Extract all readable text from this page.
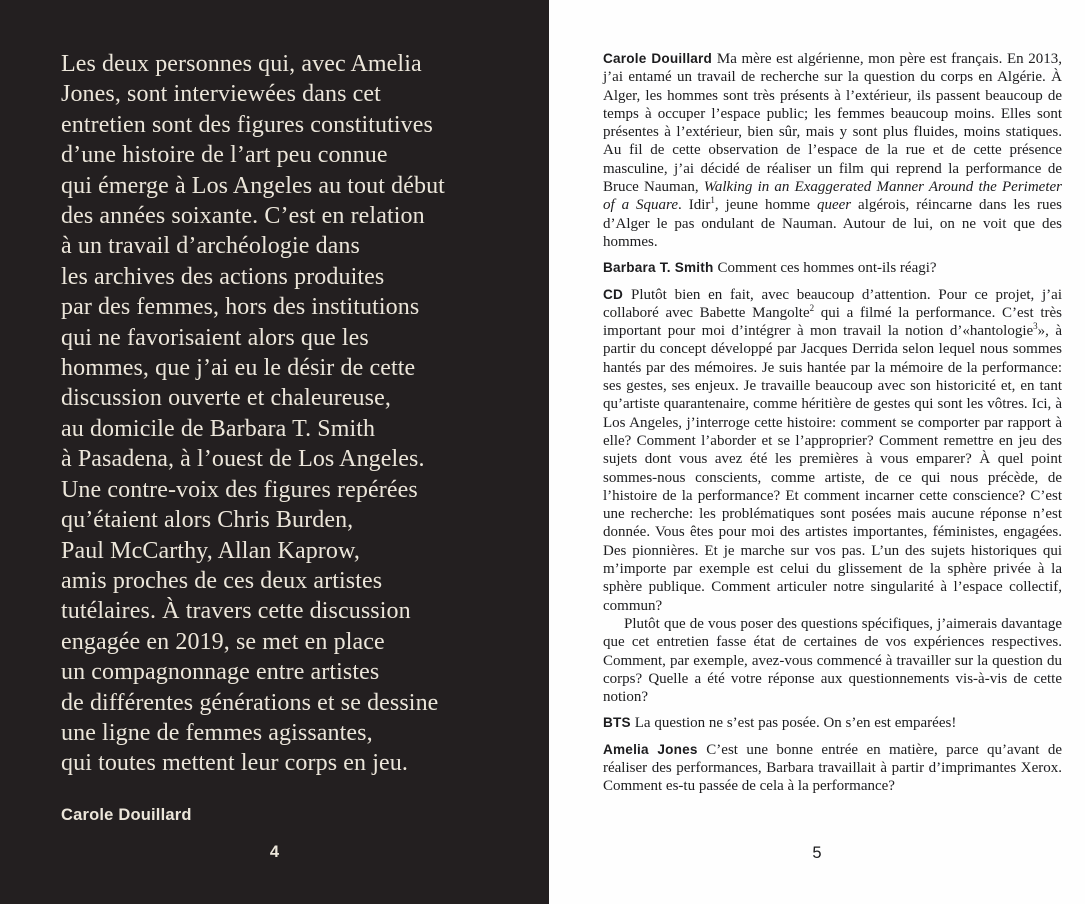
Les deux personnes qui, avec Amelia
Jones, sont interviewées dans cet
entretien sont des figures constitutives
d’une histoire de l’art peu connue
qui émerge à Los Angeles au tout début
des années soixante. C’est en relation
à un travail d’archéologie dans
les archives des actions produites
par des femmes, hors des institutions
qui ne favorisaient alors que les
hommes, que j’ai eu le désir de cette
discussion ouverte et chaleureuse,
au domicile de Barbara T. Smith
à Pasadena, à l’ouest de Los Angeles.
Une contre-voix des figures repérées
qu’étaient alors Chris Burden,
Paul McCarthy, Allan Kaprow,
amis proches de ces deux artistes
tutélaires. À travers cette discussion
engagée en 2019, se met en place
un compagnonnage entre artistes
de différentes générations et se dessine
une ligne de femmes agissantes,
qui toutes mettent leur corps en jeu.
Carole Douillard
4

Carole Douillard Ma mère est algérienne, mon père est français. En 2013, j’ai entamé un travail de recherche sur la question du corps en Algérie. À Alger, les hommes sont très présents à l’extérieur, ils passent beaucoup de temps à occuper l’espace public; les femmes beaucoup moins. Elles sont présentes à l’extérieur, bien sûr, mais y sont plus fluides, moins statiques. Au fil de cette observation de l’espace de la rue et de cette présence masculine, j’ai décidé de réaliser un film qui reprend la performance de Bruce Nauman, Walking in an Exaggerated Manner Around the Perimeter of a Square. Idir$^1$, jeune homme queer algérois, réincarne dans les rues d’Alger le pas ondulant de Nauman. Autour de lui, on ne voit que des hommes.

Barbara T. Smith Comment ces hommes ont-ils réagi?

CD Plutôt bien en fait, avec beaucoup d’attention. Pour ce projet, j’ai collaboré avec Babette Mangolte$^2$ qui a filmé la performance. C’est très important pour moi d’intégrer à mon travail la notion d’«hantologie$^3$», à partir du concept développé par Jacques Derrida selon lequel nous sommes hantés par des mémoires. Je suis hantée par la mémoire de la performance: ses gestes, ses enjeux. Je travaille beaucoup avec son historicité et, en tant qu’artiste quarantenaire, comme héritière de gestes qui sont les vôtres. Ici, à Los Angeles, j’interroge cette histoire: comment se comporter par rapport à elle? Comment l’aborder et se l’approprier? Comment remettre en jeu des sujets dont vous avez été les premières à vous emparer? À quel point sommes-nous conscients, comme artiste, de ce qui nous précède, de l’histoire de la performance? Et comment incarner cette conscience? C’est une recherche: les problématiques sont posées mais aucune réponse n’est donnée. Vous êtes pour moi des artistes importantes, féministes, engagées. Des pionnières. Et je marche sur vos pas. L’un des sujets historiques qui m’importe par exemple est celui du glissement de la sphère privée à la sphère publique. Comment articuler notre singularité à l’espace collectif, commun?

Plutôt que de vous poser des questions spécifiques, j’aimerais davantage que cet entretien fasse état de certaines de vos expériences respectives. Comment, par exemple, avez-vous commencé à travailler sur la question du corps? Quelle a été votre réponse aux questionnements vis-à-vis de cette notion?

BTS La question ne s’est pas posée. On s’en est emparées!

Amelia Jones C’est une bonne entrée en matière, parce qu’avant de réaliser des performances, Barbara travaillait à partir d’imprimantes Xerox. Comment es-tu passée de cela à la performance?

5
